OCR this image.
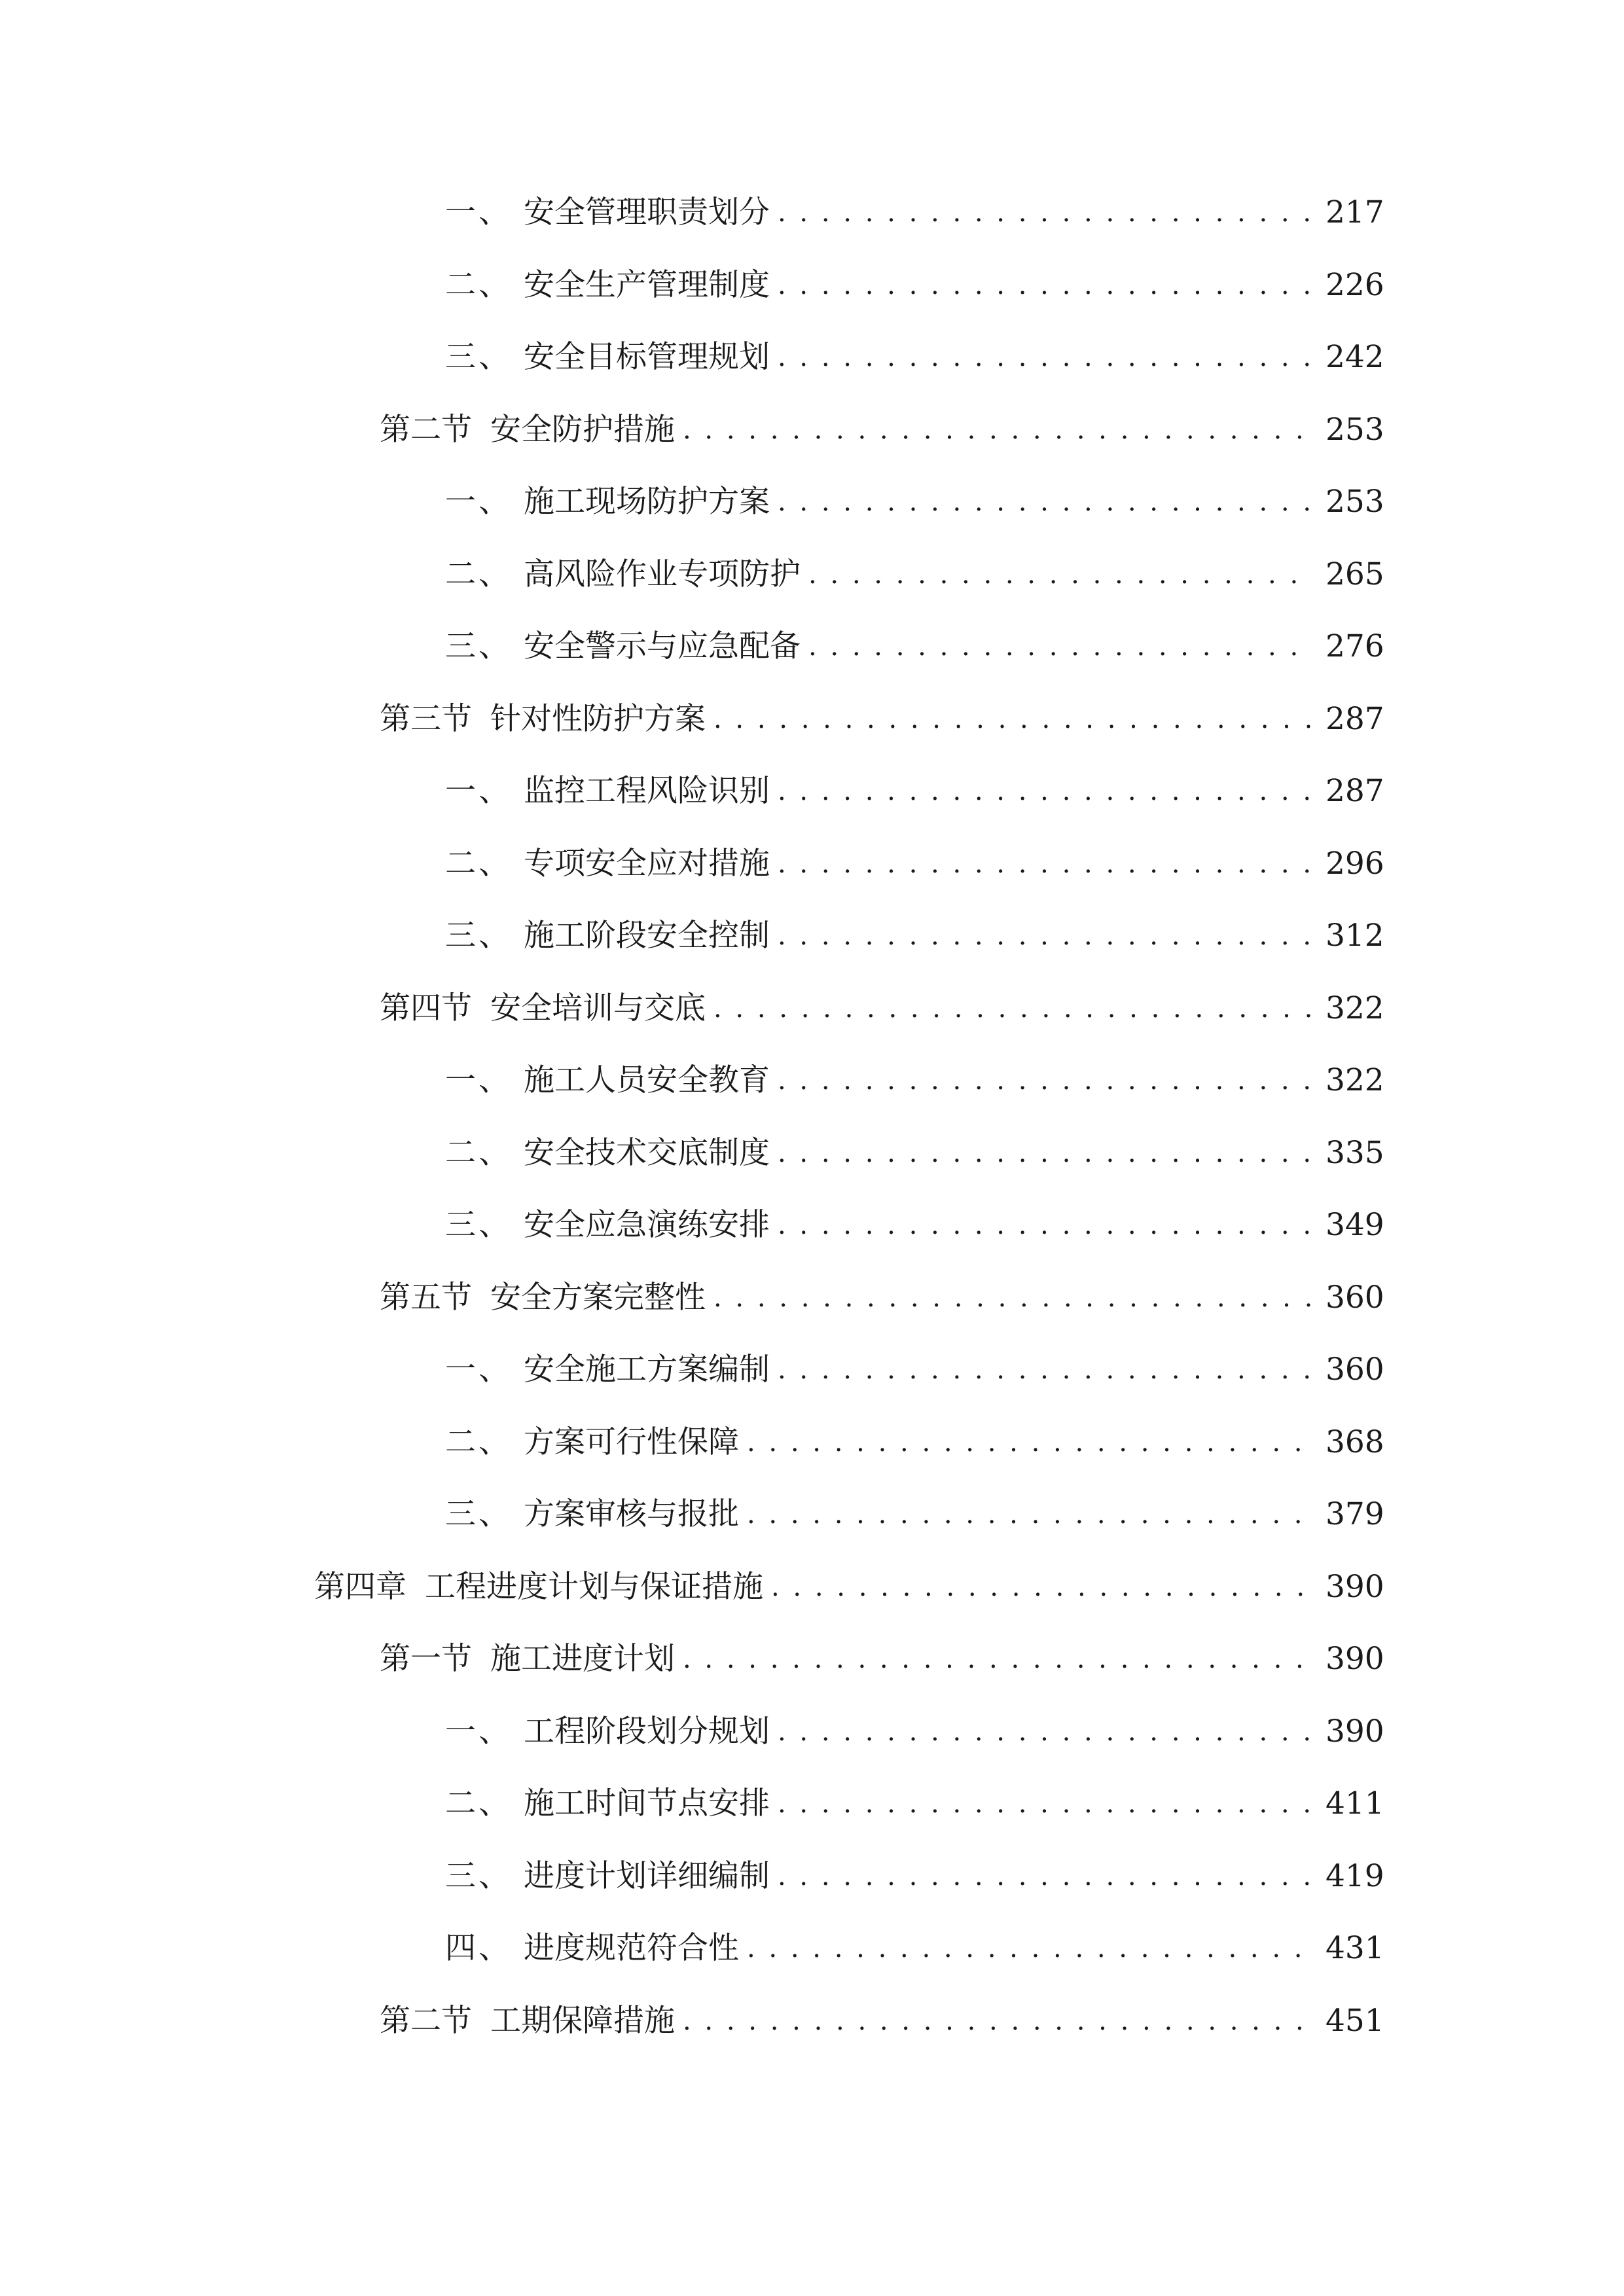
一、 安全管理职责划分 . . .	217
二、 安全生产管理制度 . . .	226
三、 安全目标管理规划 . . .	242
第二节 安全防护措施 . . .	253
一、 施工现场防护方案 . . .	253
二、 高风险作业专项防护 . . .	265
三、 安全警示与应急配备 . . .	276
第三节 针对性防护方案 . . .	287
一、 监控工程风险识别 . . .	287
二、 专项安全应对措施 . . .	296
三、 施工阶段安全控制 . . .	312
第四节 安全培训与交底 . . .	322
一、 施工人员安全教育 . . .	322
二、 安全技术交底制度 . . .	335
三、 安全应急演练安排 . . .	349
第五节 安全方案完整性 . . .	360
一、 安全施工方案编制 . . .	360
二、 方案可行性保障 . . .	368
三、 方案审核与报批 . . .	379
第四章 工程进度计划与保证措施 . . .	390
第一节 施工进度计划 . . .	390
一、 工程阶段划分规划 . . .	390
二、 施工时间节点安排 . . .	411
三、 进度计划详细编制 . . .	419
四、 进度规范符合性 . . .	431
第二节 工期保障措施 . . .	451
